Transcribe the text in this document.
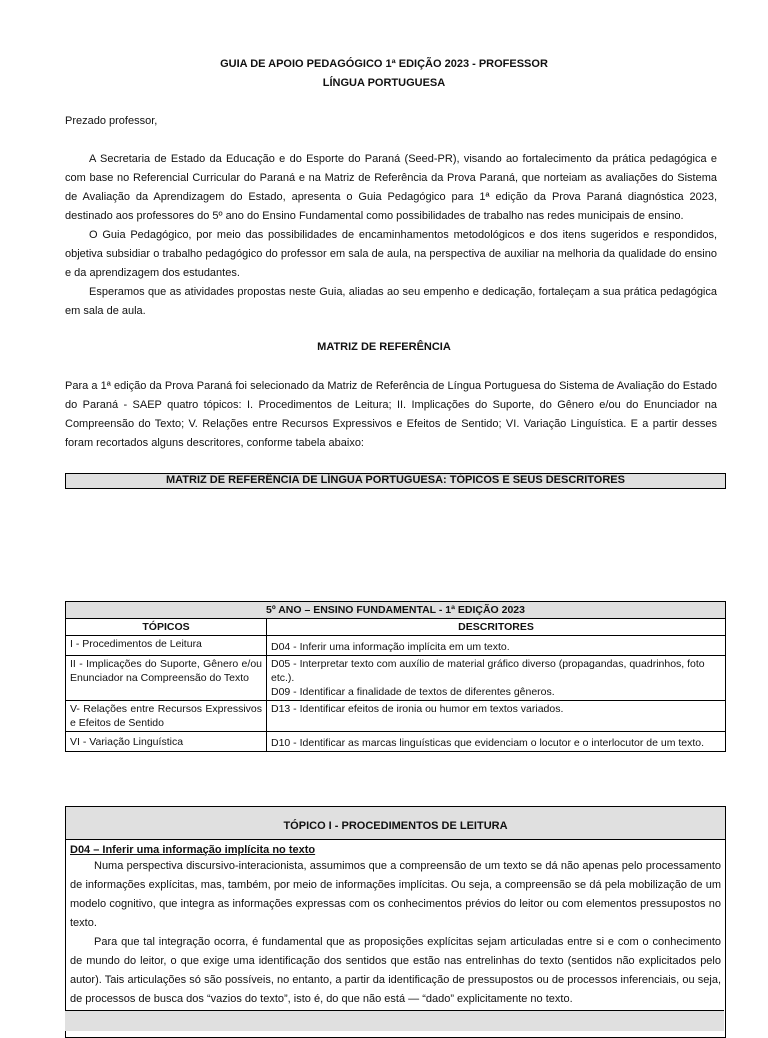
GUIA DE APOIO PEDAGÓGICO 1ª EDIÇÃO 2023 - PROFESSOR
LÍNGUA PORTUGUESA
Prezado professor,
A Secretaria de Estado da Educação e do Esporte do Paraná (Seed-PR), visando ao fortalecimento da prática pedagógica e com base no Referencial Curricular do Paraná e na Matriz de Referência da Prova Paraná, que norteiam as avaliações do Sistema de Avaliação da Aprendizagem do Estado, apresenta o Guia Pedagógico para 1ª edição da Prova Paraná diagnóstica 2023, destinado aos professores do 5º ano do Ensino Fundamental como possibilidades de trabalho nas redes municipais de ensino.
O Guia Pedagógico, por meio das possibilidades de encaminhamentos metodológicos e dos itens sugeridos e respondidos, objetiva subsidiar o trabalho pedagógico do professor em sala de aula, na perspectiva de auxiliar na melhoria da qualidade do ensino e da aprendizagem dos estudantes.
Esperamos que as atividades propostas neste Guia, aliadas ao seu empenho e dedicação, fortaleçam a sua prática pedagógica em sala de aula.
MATRIZ DE REFERÊNCIA
Para a 1ª edição da Prova Paraná foi selecionado da Matriz de Referência de Língua Portuguesa do Sistema de Avaliação do Estado do Paraná - SAEP quatro tópicos: I. Procedimentos de Leitura; II. Implicações do Suporte, do Gênero e/ou do Enunciador na Compreensão do Texto; V. Relações entre Recursos Expressivos e Efeitos de Sentido; VI. Variação Linguística. E a partir desses foram recortados alguns descritores, conforme tabela abaixo:
MATRIZ DE REFERÊNCIA DE LÍNGUA PORTUGUESA: TÓPICOS E SEUS DESCRITORES
5º ANO – ENSINO FUNDAMENTAL - 1ª EDIÇÃO 2023	
TÓPICOS	DESCRITORES
I - Procedimentos de Leitura	D04 - Inferir uma informação implícita em um texto.

II - Implicações do Suporte, Gênero e/ou Enunciador na Compreensão do Texto	D05 - Interpretar texto com auxílio de material gráfico diverso (propagandas, quadrinhos, foto etc.).
D09 - Identificar a finalidade de textos de diferentes gêneros.

V- Relações entre Recursos Expressivos e Efeitos de Sentido	D13 - Identificar efeitos de ironia ou humor em textos variados.

VI - Variação Linguística	D10 - Identificar as marcas linguísticas que evidenciam o locutor e o interlocutor de um texto.
TÓPICO I - PROCEDIMENTOS DE LEITURA
D04 – Inferir uma informação implícita no texto

Numa perspectiva discursivo-interacionista, assumimos que a compreensão de um texto se dá não apenas pelo processamento de informações explícitas, mas, também, por meio de informações implícitas. Ou seja, a compreensão se dá pela mobilização de um modelo cognitivo, que integra as informações expressas com os conhecimentos prévios do leitor ou com elementos pressupostos no texto.

Para que tal integração ocorra, é fundamental que as proposições explícitas sejam articuladas entre si e com o conhecimento de mundo do leitor, o que exige uma identificação dos sentidos que estão nas entrelinhas do texto (sentidos não explicitados pelo autor). Tais articulações só são possíveis, no entanto, a partir da identificação de pressupostos ou de processos inferenciais, ou seja, de processos de busca dos “vazios do texto”, isto é, do que não está — “dado” explicitamente no texto.
